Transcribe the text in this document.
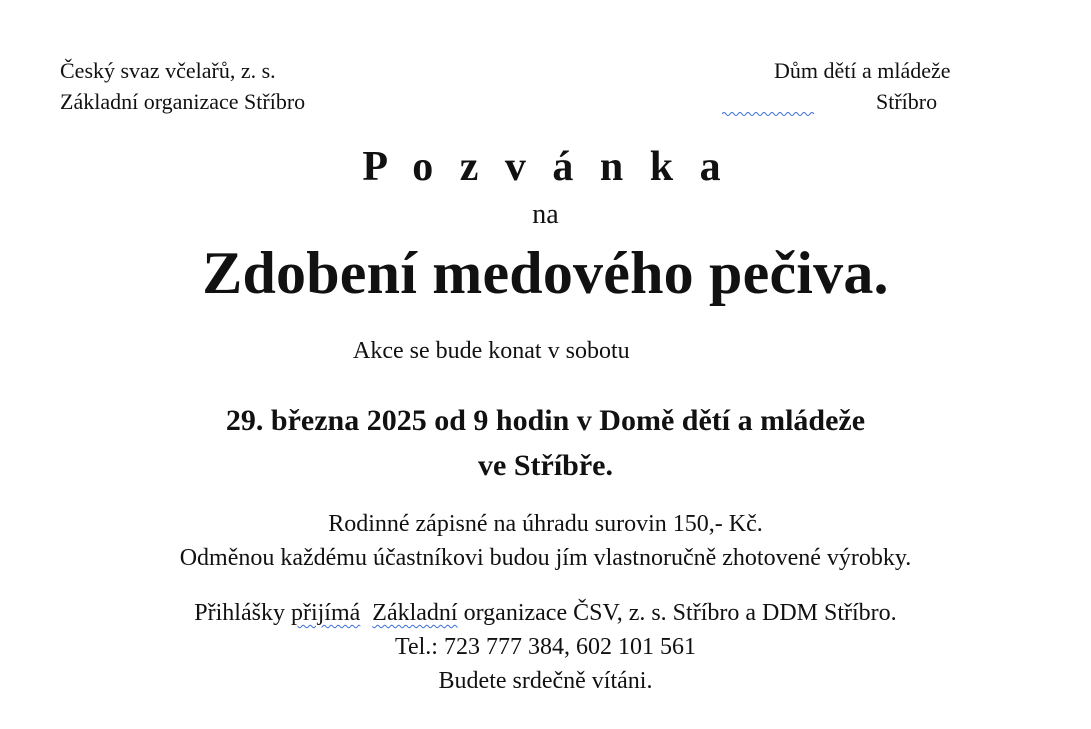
Český svaz včelařů, z. s.
Základní organizace Stříbro
Dům dětí a mládeže
Stříbro
P o z v á n k a
na
Zdobení medového pečiva.
Akce se bude konat v sobotu
29. března 2025 od 9 hodin v Domě dětí a mládeže
ve Stříbře.
Rodinné zápisné na úhradu surovin 150,- Kč.
Odměnou každému účastníkovi budou jím vlastnoručně zhotovené výrobky.
Přihlášky přijímá Základní organizace ČSV, z. s. Stříbro a DDM Stříbro.
Tel.: 723 777 384, 602 101 561
Budete srdečně vítáni.
